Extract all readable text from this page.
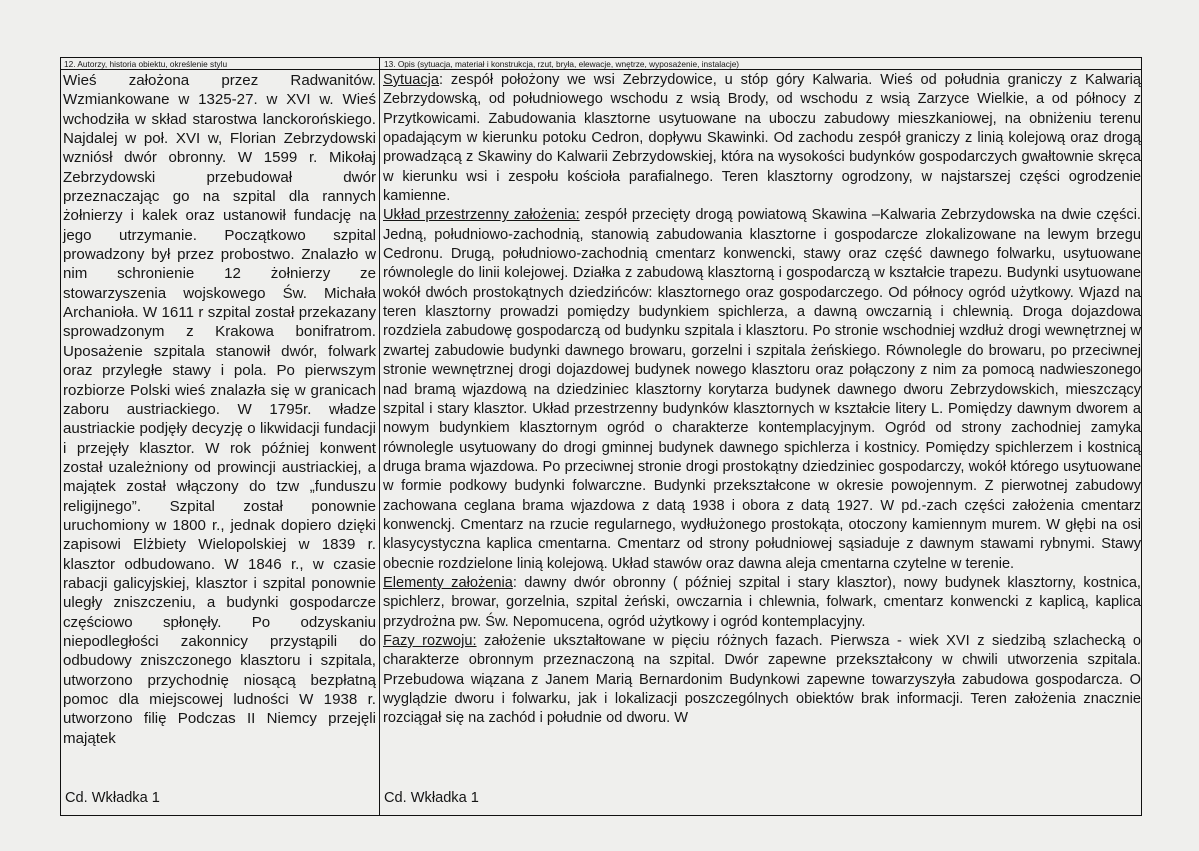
12. Autorzy, historia obiektu, określenie stylu	13. Opis (sytuacja, materiał i konstrukcja, rzut, bryła, elewacje, wnętrze, wyposażenie, instalacje)

Wieś założona przez Radwanitów. Wzmiankowane w 1325-27. w XVI w. Wieś wchodziła w skład starostwa lanckorońskiego. Najdalej w poł. XVI w, Florian Zebrzydowski wzniósł dwór obronny. W 1599 r. Mikołaj Zebrzydowski przebudował dwór przeznaczając go na szpital dla rannych żołnierzy i kalek oraz ustanowił fundację na jego utrzymanie. Początkowo szpital prowadzony był przez probostwo. Znalazło w nim schronienie 12 żołnierzy ze stowarzyszenia wojskowego Św. Michała Archanioła. W 1611 r szpital został przekazany sprowadzonym z Krakowa bonifratrom. Uposażenie szpitala stanowił dwór, folwark oraz przyległe stawy i pola. Po pierwszym rozbiorze Polski wieś znalazła się w granicach zaboru austriackiego. W 1795r. władze austriackie podjęły decyzję o likwidacji fundacji i przejęły klasztor. W rok później konwent został uzależniony od prowincji austriackiej, a majątek został włączony do tzw „funduszu religijnego”. Szpital został ponownie uruchomiony w 1800 r., jednak dopiero dzięki zapisowi Elżbiety Wielopolskiej w 1839 r. klasztor odbudowano. W 1846 r., w czasie rabacji galicyjskiej, klasztor i szpital ponownie uległy zniszczeniu, a budynki gospodarcze częściowo spłonęły. Po odzyskaniu niepodległości zakonnicy przystąpili do odbudowy zniszczonego klasztoru i szpitala, utworzono przychodnię niosącą bezpłatną pomoc dla miejscowej ludności W 1938 r. utworzono filię Podczas II Niemcy przejęli majątek

Sytuacja: zespół położony we wsi Zebrzydowice, u stóp góry Kalwaria. Wieś od południa graniczy z Kalwarią Zebrzydowską, od południowego wschodu z wsią Brody, od wschodu z wsią Zarzyce Wielkie, a od północy z Przytkowicami. Zabudowania klasztorne usytuowane na uboczu zabudowy mieszkaniowej, na obniżeniu terenu opadającym w kierunku potoku Cedron, dopływu Skawinki. Od zachodu zespół graniczy z linią kolejową oraz drogą prowadzącą z Skawiny do Kalwarii Zebrzydowskiej, która na wysokości budynków gospodarczych gwałtownie skręca w kierunku wsi i zespołu kościoła parafialnego. Teren klasztorny ogrodzony, w najstarszej części ogrodzenie kamienne.

Układ przestrzenny założenia: zespół przecięty drogą powiatową Skawina –Kalwaria Zebrzydowska na dwie części. Jedną, południowo-zachodnią, stanowią zabudowania klasztorne i gospodarcze zlokalizowane na lewym brzegu Cedronu. Drugą, południowo-zachodnią cmentarz konwencki, stawy oraz część dawnego folwarku, usytuowane równolegle do linii kolejowej. Działka z zabudową klasztorną i gospodarczą w kształcie trapezu. Budynki usytuowane wokół dwóch prostokątnych dziedzińców: klasztornego oraz gospodarczego. Od północy ogród użytkowy. Wjazd na teren klasztorny prowadzi pomiędzy budynkiem spichlerza, a dawną owczarnią i chlewnią. Droga dojazdowa rozdziela zabudowę gospodarczą od budynku szpitala i klasztoru. Po stronie wschodniej wzdłuż drogi wewnętrznej w zwartej zabudowie budynki dawnego browaru, gorzelni i szpitala żeńskiego. Równolegle do browaru, po przeciwnej stronie wewnętrznej drogi dojazdowej budynek nowego klasztoru oraz połączony z nim za pomocą nadwieszonego nad bramą wjazdową na dziedziniec klasztorny korytarza budynek dawnego dworu Zebrzydowskich, mieszczący szpital i stary klasztor. Układ przestrzenny budynków klasztornych w kształcie litery L. Pomiędzy dawnym dworem a nowym budynkiem klasztornym ogród o charakterze kontemplacyjnym. Ogród od strony zachodniej zamyka równolegle usytuowany do drogi gminnej budynek dawnego spichlerza i kostnicy. Pomiędzy spichlerzem i kostnicą druga brama wjazdowa. Po przeciwnej stronie drogi prostokątny dziedziniec gospodarczy, wokół którego usytuowane w formie podkowy budynki folwarczne. Budynki przekształcone w okresie powojennym. Z pierwotnej zabudowy zachowana ceglana brama wjazdowa z datą 1938 i obora z datą 1927. W pd.-zach części założenia cmentarz konwenckj. Cmentarz na rzucie regularnego, wydłużonego prostokąta, otoczony kamiennym murem. W głębi na osi klasycystyczna kaplica cmentarna. Cmentarz od strony południowej sąsiaduje z dawnym stawami rybnymi. Stawy obecnie rozdzielone linią kolejową. Układ stawów oraz dawna aleja cmentarna czytelne w terenie.

Elementy założenia: dawny dwór obronny ( później szpital i stary klasztor), nowy budynek klasztorny, kostnica, spichlerz, browar, gorzelnia, szpital żeński, owczarnia i chlewnia, folwark, cmentarz konwencki z kaplicą, kaplica przydrożna pw. Św. Nepomucena, ogród użytkowy i ogród kontemplacyjny.

Fazy rozwoju: założenie ukształtowane w pięciu różnych fazach. Pierwsza - wiek XVI z siedzibą szlachecką o charakterze obronnym przeznaczoną na szpital. Dwór zapewne przekształcony w chwili utworzenia szpitala. Przebudowa wiązana z Janem Marią Bernardonim Budynkowi zapewne towarzyszyła zabudowa gospodarcza. O wyglądzie dworu i folwarku, jak i lokalizacji poszczególnych obiektów brak informacji. Teren założenia znacznie rozciągał się na zachód i południe od dworu. W

Cd. Wkładka 1	Cd. Wkładka 1
